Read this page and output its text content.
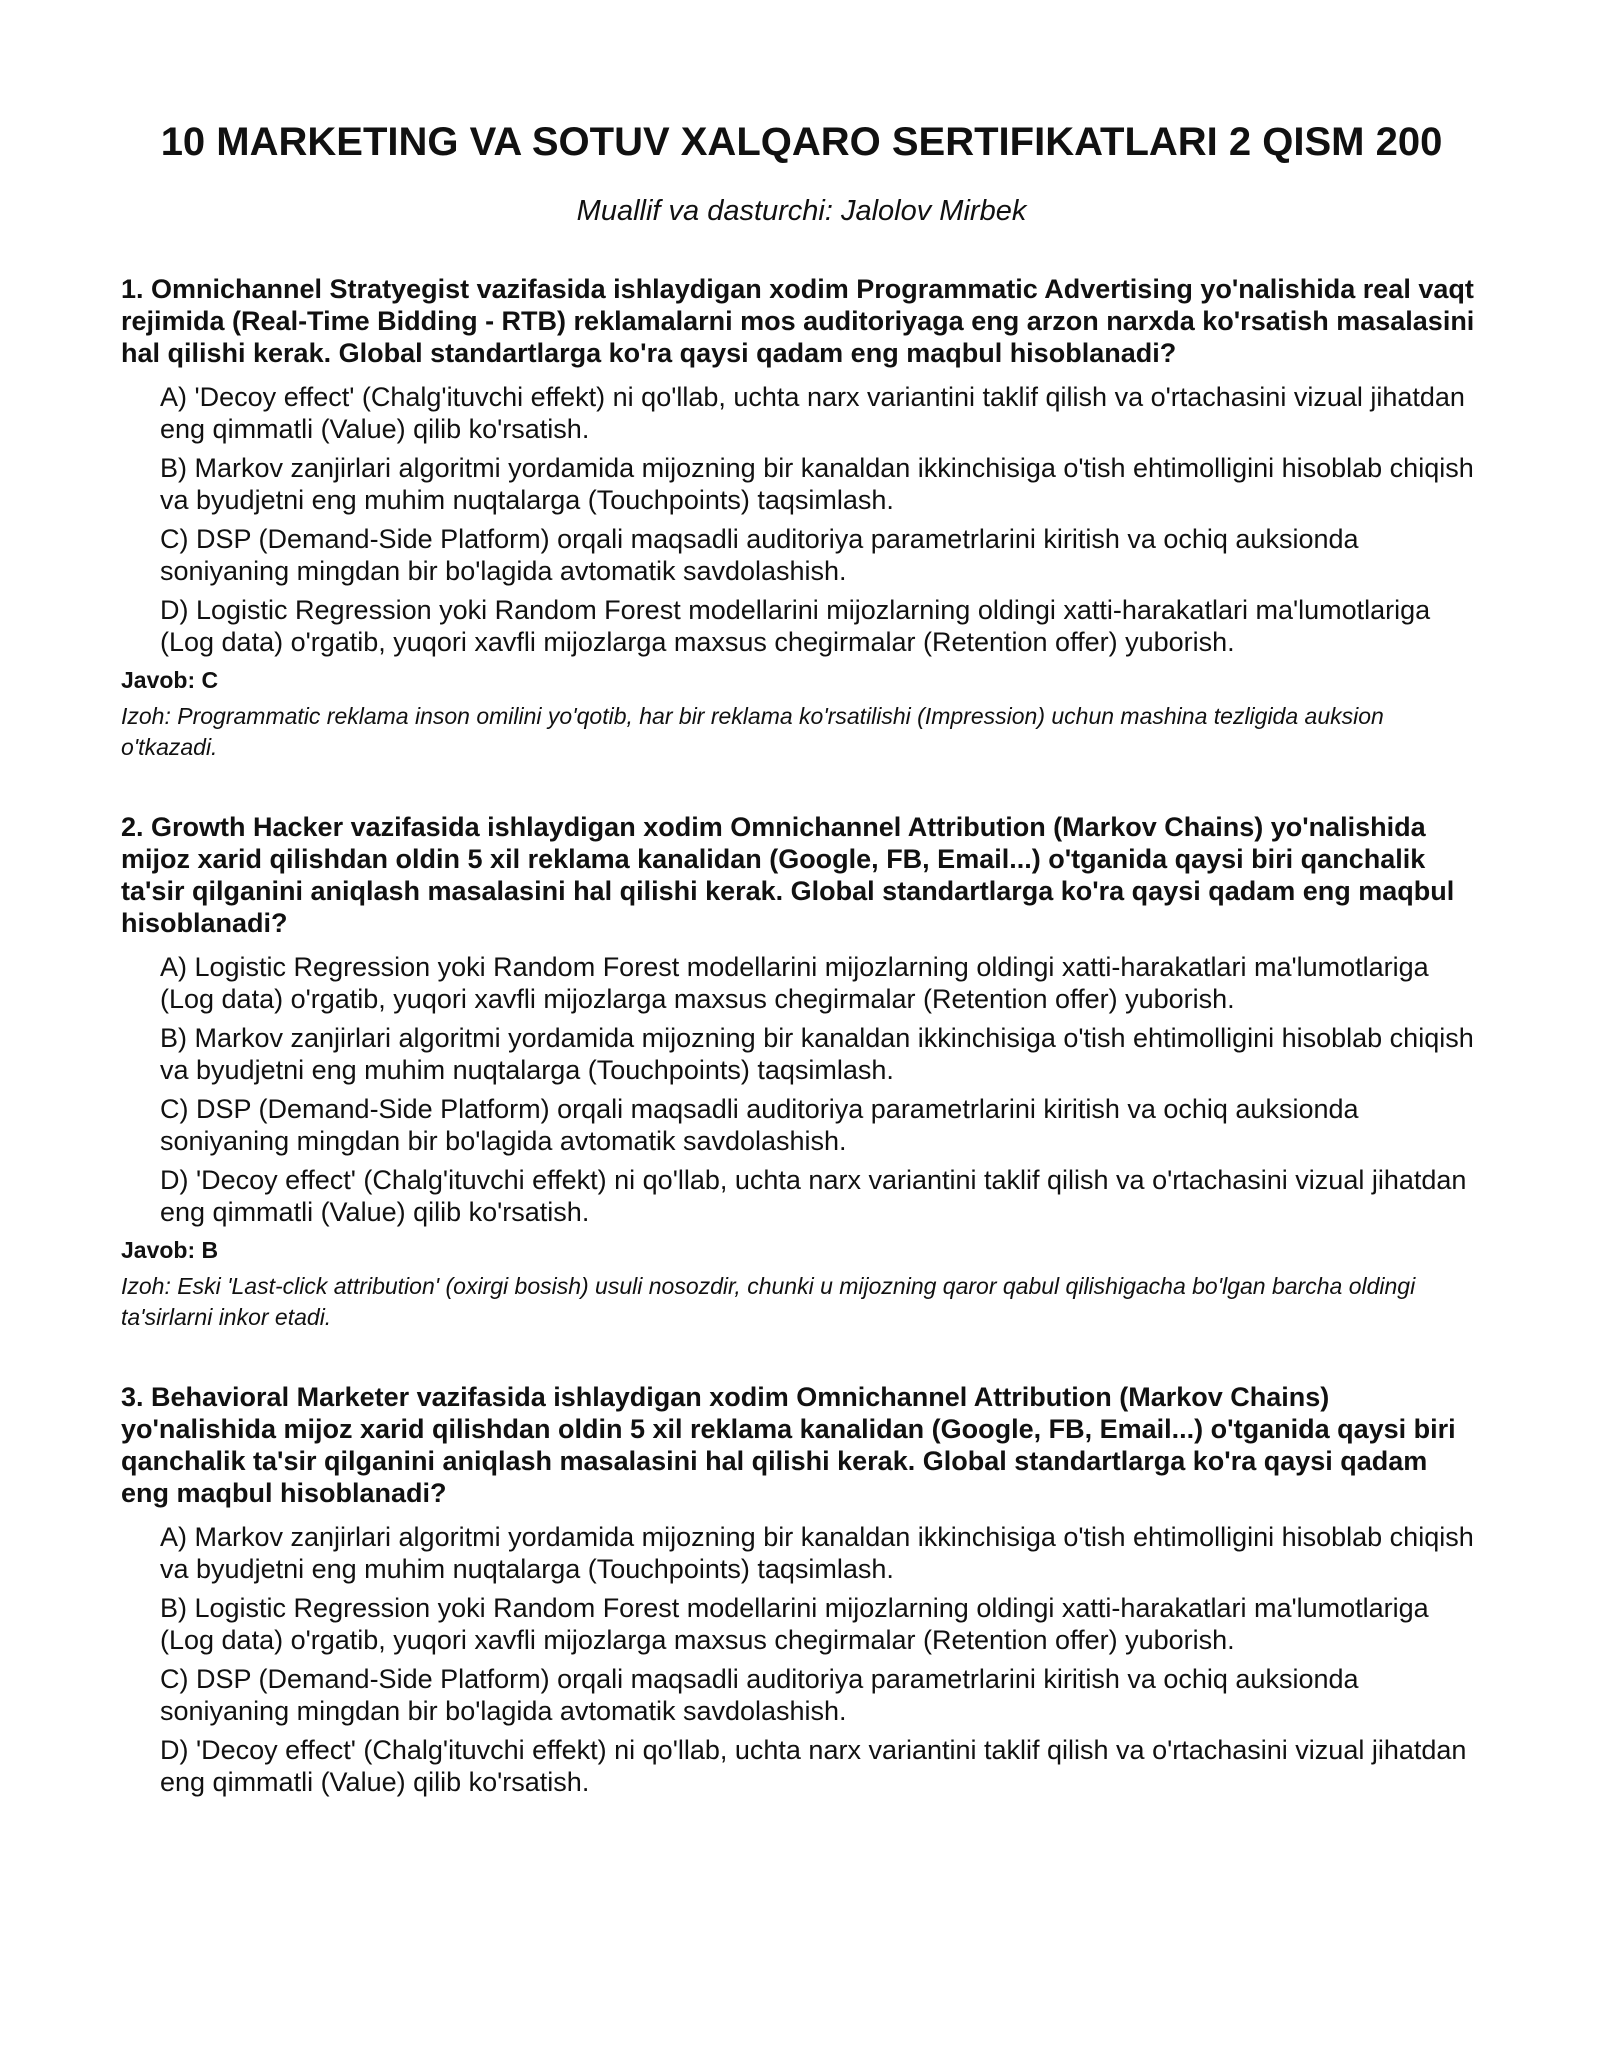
10 MARKETING VA SOTUV XALQARO SERTIFIKATLARI 2 QISM 200

Muallif va dasturchi: Jalolov Mirbek

1. Omnichannel Stratyegist vazifasida ishlaydigan xodim Programmatic Advertising yo'nalishida real vaqt rejimida (Real-Time Bidding - RTB) reklamalarni mos auditoriyaga eng arzon narxda ko'rsatish masalasini hal qilishi kerak. Global standartlarga ko'ra qaysi qadam eng maqbul hisoblanadi?

A) 'Decoy effect' (Chalg'ituvchi effekt) ni qo'llab, uchta narx variantini taklif qilish va o'rtachasini vizual jihatdan eng qimmatli (Value) qilib ko'rsatish.
B) Markov zanjirlari algoritmi yordamida mijozning bir kanaldan ikkinchisiga o'tish ehtimolligini hisoblab chiqish va byudjetni eng muhim nuqtalarga (Touchpoints) taqsimlash.
C) DSP (Demand-Side Platform) orqali maqsadli auditoriya parametrlarini kiritish va ochiq auksionda soniyaning mingdan bir bo'lagida avtomatik savdolashish.
D) Logistic Regression yoki Random Forest modellarini mijozlarning oldingi xatti-harakatlari ma'lumotlariga (Log data) o'rgatib, yuqori xavfli mijozlarga maxsus chegirmalar (Retention offer) yuborish.

Javob: C

Izoh: Programmatic reklama inson omilini yo'qotib, har bir reklama ko'rsatilishi (Impression) uchun mashina tezligida auksion o'tkazadi.

2. Growth Hacker vazifasida ishlaydigan xodim Omnichannel Attribution (Markov Chains) yo'nalishida mijoz xarid qilishdan oldin 5 xil reklama kanalidan (Google, FB, Email...) o'tganida qaysi biri qanchalik ta'sir qilganini aniqlash masalasini hal qilishi kerak. Global standartlarga ko'ra qaysi qadam eng maqbul hisoblanadi?

A) Logistic Regression yoki Random Forest modellarini mijozlarning oldingi xatti-harakatlari ma'lumotlariga (Log data) o'rgatib, yuqori xavfli mijozlarga maxsus chegirmalar (Retention offer) yuborish.
B) Markov zanjirlari algoritmi yordamida mijozning bir kanaldan ikkinchisiga o'tish ehtimolligini hisoblab chiqish va byudjetni eng muhim nuqtalarga (Touchpoints) taqsimlash.
C) DSP (Demand-Side Platform) orqali maqsadli auditoriya parametrlarini kiritish va ochiq auksionda soniyaning mingdan bir bo'lagida avtomatik savdolashish.
D) 'Decoy effect' (Chalg'ituvchi effekt) ni qo'llab, uchta narx variantini taklif qilish va o'rtachasini vizual jihatdan eng qimmatli (Value) qilib ko'rsatish.

Javob: B

Izoh: Eski 'Last-click attribution' (oxirgi bosish) usuli nosozdir, chunki u mijozning qaror qabul qilishigacha bo'lgan barcha oldingi ta'sirlarni inkor etadi.

3. Behavioral Marketer vazifasida ishlaydigan xodim Omnichannel Attribution (Markov Chains) yo'nalishida mijoz xarid qilishdan oldin 5 xil reklama kanalidan (Google, FB, Email...) o'tganida qaysi biri qanchalik ta'sir qilganini aniqlash masalasini hal qilishi kerak. Global standartlarga ko'ra qaysi qadam eng maqbul hisoblanadi?

A) Markov zanjirlari algoritmi yordamida mijozning bir kanaldan ikkinchisiga o'tish ehtimolligini hisoblab chiqish va byudjetni eng muhim nuqtalarga (Touchpoints) taqsimlash.
B) Logistic Regression yoki Random Forest modellarini mijozlarning oldingi xatti-harakatlari ma'lumotlariga (Log data) o'rgatib, yuqori xavfli mijozlarga maxsus chegirmalar (Retention offer) yuborish.
C) DSP (Demand-Side Platform) orqali maqsadli auditoriya parametrlarini kiritish va ochiq auksionda soniyaning mingdan bir bo'lagida avtomatik savdolashish.
D) 'Decoy effect' (Chalg'ituvchi effekt) ni qo'llab, uchta narx variantini taklif qilish va o'rtachasini vizual jihatdan eng qimmatli (Value) qilib ko'rsatish.
